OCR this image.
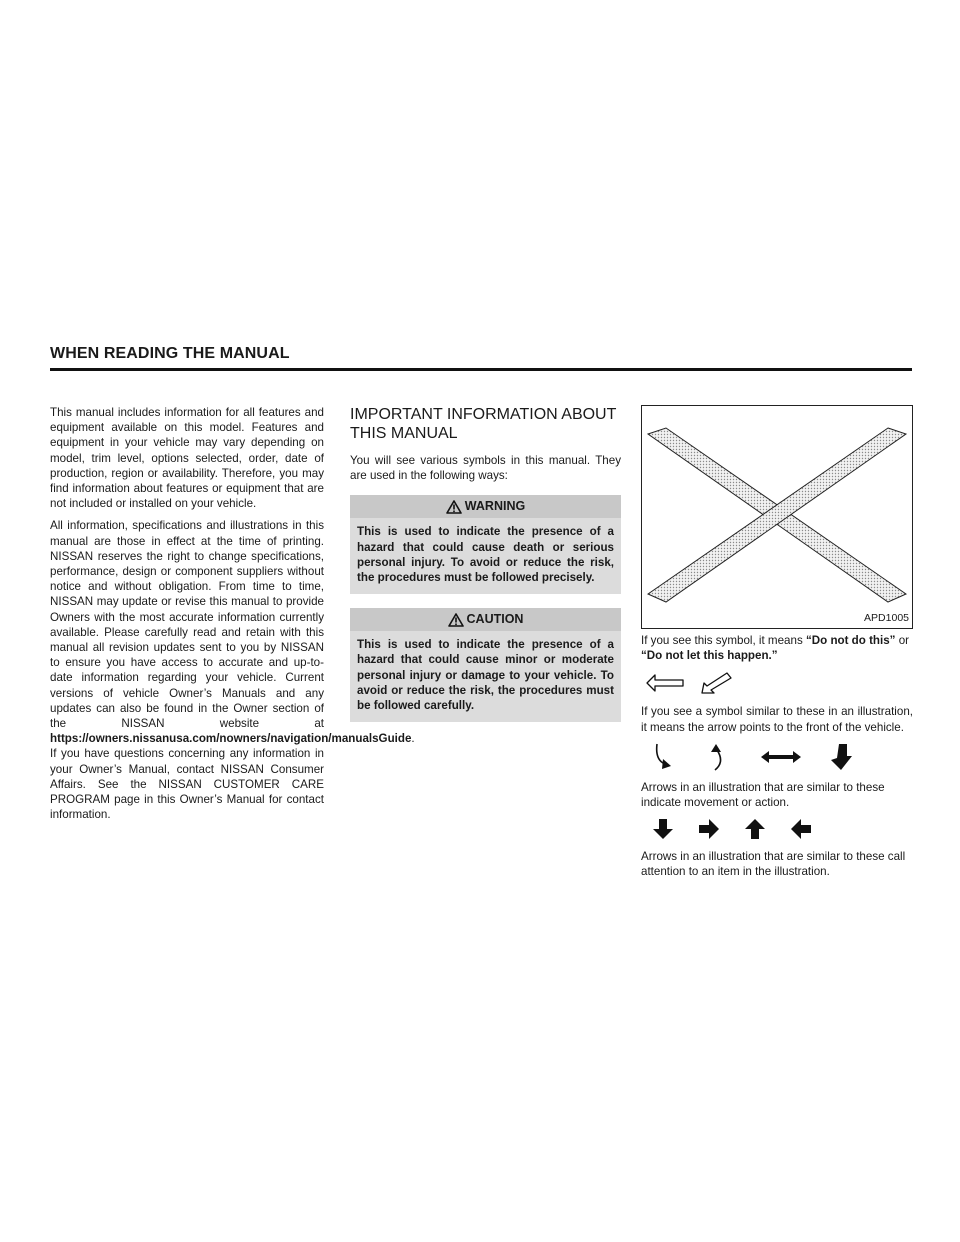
WHEN READING THE MANUAL

This manual includes information for all features and equipment available on this model. Features and equipment in your vehicle may vary depending on model, trim level, options selected, order, date of production, region or availability. Therefore, you may find information about features or equipment that are not included or installed on your vehicle.

All information, specifications and illustrations in this manual are those in effect at the time of printing. NISSAN reserves the right to change specifications, performance, design or component suppliers without notice and without obligation. From time to time, NISSAN may update or revise this manual to provide Owners with the most accurate information currently available. Please carefully read and retain with this manual all revision updates sent to you by NISSAN to ensure you have access to accurate and up-to-date information regarding your vehicle. Current versions of vehicle Owner’s Manuals and any updates can also be found in the Owner section of the NISSAN website at https://owners.nissanusa.com/nowners/navigation/manualsGuide. If you have questions concerning any information in your Owner’s Manual, contact NISSAN Consumer Affairs. See the NISSAN CUSTOMER CARE PROGRAM page in this Owner’s Manual for contact information.

IMPORTANT INFORMATION ABOUT THIS MANUAL

You will see various symbols in this manual. They are used in the following ways:

WARNING
This is used to indicate the presence of a hazard that could cause death or serious personal injury. To avoid or reduce the risk, the procedures must be followed precisely.
CAUTION
This is used to indicate the presence of a hazard that could cause minor or moderate personal injury or damage to your vehicle. To avoid or reduce the risk, the procedures must be followed carefully.
APD1005

If you see this symbol, it means “Do not do this” or “Do not let this happen.”

If you see a symbol similar to these in an illustration, it means the arrow points to the front of the vehicle.

Arrows in an illustration that are similar to these indicate movement or action.

Arrows in an illustration that are similar to these call attention to an item in the illustration.
